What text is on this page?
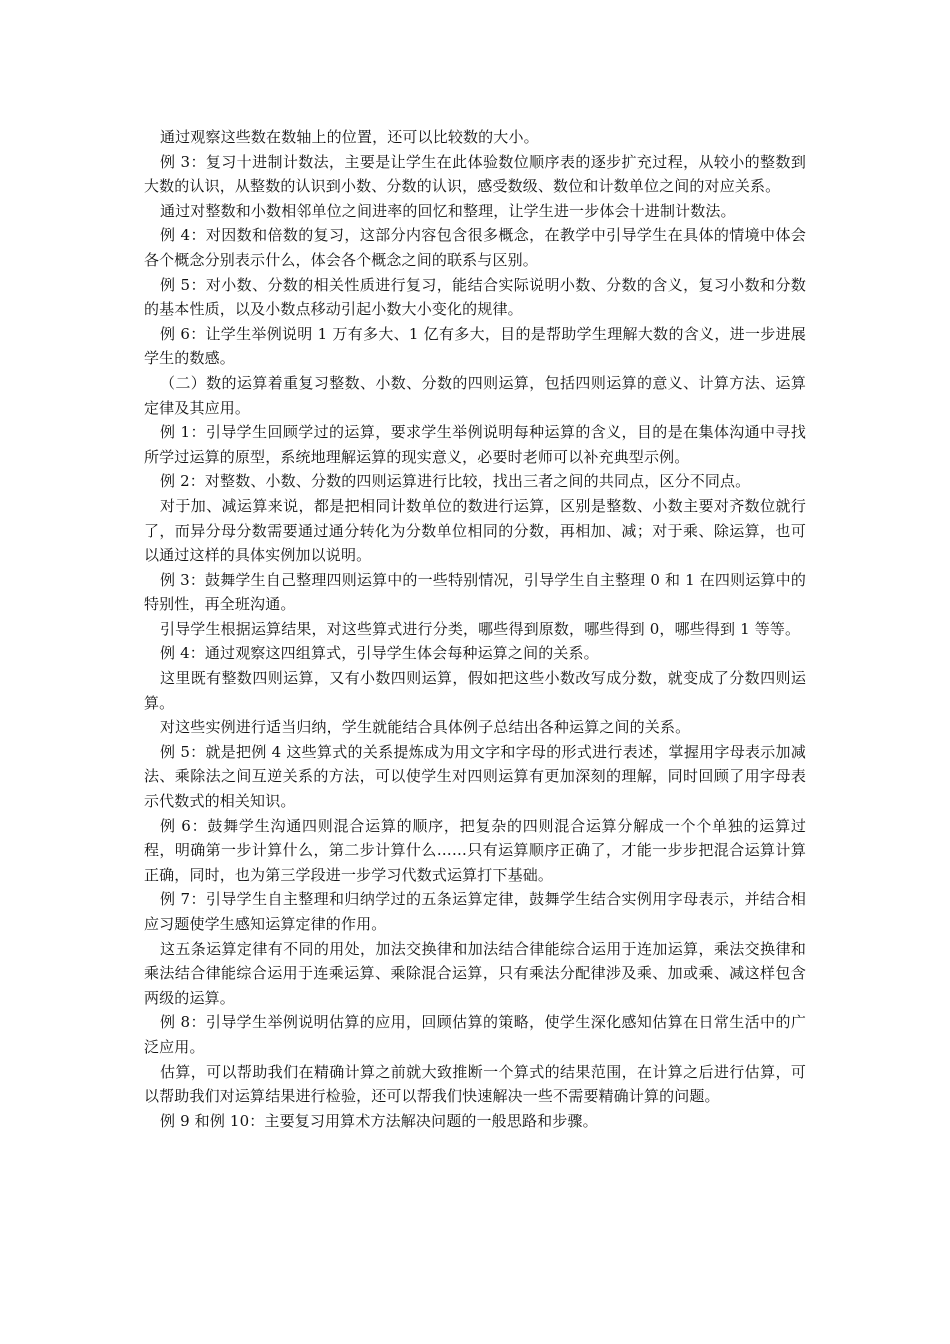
通过观察这些数在数轴上的位置，还可以比较数的大小。

例 3：复习十进制计数法，主要是让学生在此体验数位顺序表的逐步扩充过程，从较小的整数到大数的认识，从整数的认识到小数、分数的认识，感受数级、数位和计数单位之间的对应关系。

通过对整数和小数相邻单位之间进率的回忆和整理，让学生进一步体会十进制计数法。

例 4：对因数和倍数的复习，这部分内容包含很多概念，在教学中引导学生在具体的情境中体会各个概念分别表示什么，体会各个概念之间的联系与区别。

例 5：对小数、分数的相关性质进行复习，能结合实际说明小数、分数的含义，复习小数和分数的基本性质，以及小数点移动引起小数大小变化的规律。

例 6：让学生举例说明 1 万有多大、1 亿有多大，目的是帮助学生理解大数的含义，进一步进展学生的数感。

（二）数的运算着重复习整数、小数、分数的四则运算，包括四则运算的意义、计算方法、运算定律及其应用。

例 1：引导学生回顾学过的运算，要求学生举例说明每种运算的含义，目的是在集体沟通中寻找所学过运算的原型，系统地理解运算的现实意义，必要时老师可以补充典型示例。

例 2：对整数、小数、分数的四则运算进行比较，找出三者之间的共同点，区分不同点。

对于加、减运算来说，都是把相同计数单位的数进行运算，区别是整数、小数主要对齐数位就行了，而异分母分数需要通过通分转化为分数单位相同的分数，再相加、减；对于乘、除运算，也可以通过这样的具体实例加以说明。

例 3：鼓舞学生自己整理四则运算中的一些特别情况，引导学生自主整理 0 和 1 在四则运算中的特别性，再全班沟通。

引导学生根据运算结果，对这些算式进行分类，哪些得到原数，哪些得到 0，哪些得到 1 等等。

例 4：通过观察这四组算式，引导学生体会每种运算之间的关系。

这里既有整数四则运算，又有小数四则运算，假如把这些小数改写成分数，就变成了分数四则运算。

对这些实例进行适当归纳，学生就能结合具体例子总结出各种运算之间的关系。

例 5：就是把例 4 这些算式的关系提炼成为用文字和字母的形式进行表述，掌握用字母表示加减法、乘除法之间互逆关系的方法，可以使学生对四则运算有更加深刻的理解，同时回顾了用字母表示代数式的相关知识。

例 6：鼓舞学生沟通四则混合运算的顺序，把复杂的四则混合运算分解成一个个单独的运算过程，明确第一步计算什么，第二步计算什么……只有运算顺序正确了，才能一步步把混合运算计算正确，同时，也为第三学段进一步学习代数式运算打下基础。

例 7：引导学生自主整理和归纳学过的五条运算定律，鼓舞学生结合实例用字母表示，并结合相应习题使学生感知运算定律的作用。

这五条运算定律有不同的用处，加法交换律和加法结合律能综合运用于连加运算，乘法交换律和乘法结合律能综合运用于连乘运算、乘除混合运算，只有乘法分配律涉及乘、加或乘、减这样包含两级的运算。

例 8：引导学生举例说明估算的应用，回顾估算的策略，使学生深化感知估算在日常生活中的广泛应用。

估算，可以帮助我们在精确计算之前就大致推断一个算式的结果范围，在计算之后进行估算，可以帮助我们对运算结果进行检验，还可以帮我们快速解决一些不需要精确计算的问题。

例 9 和例 10：主要复习用算术方法解决问题的一般思路和步骤。
